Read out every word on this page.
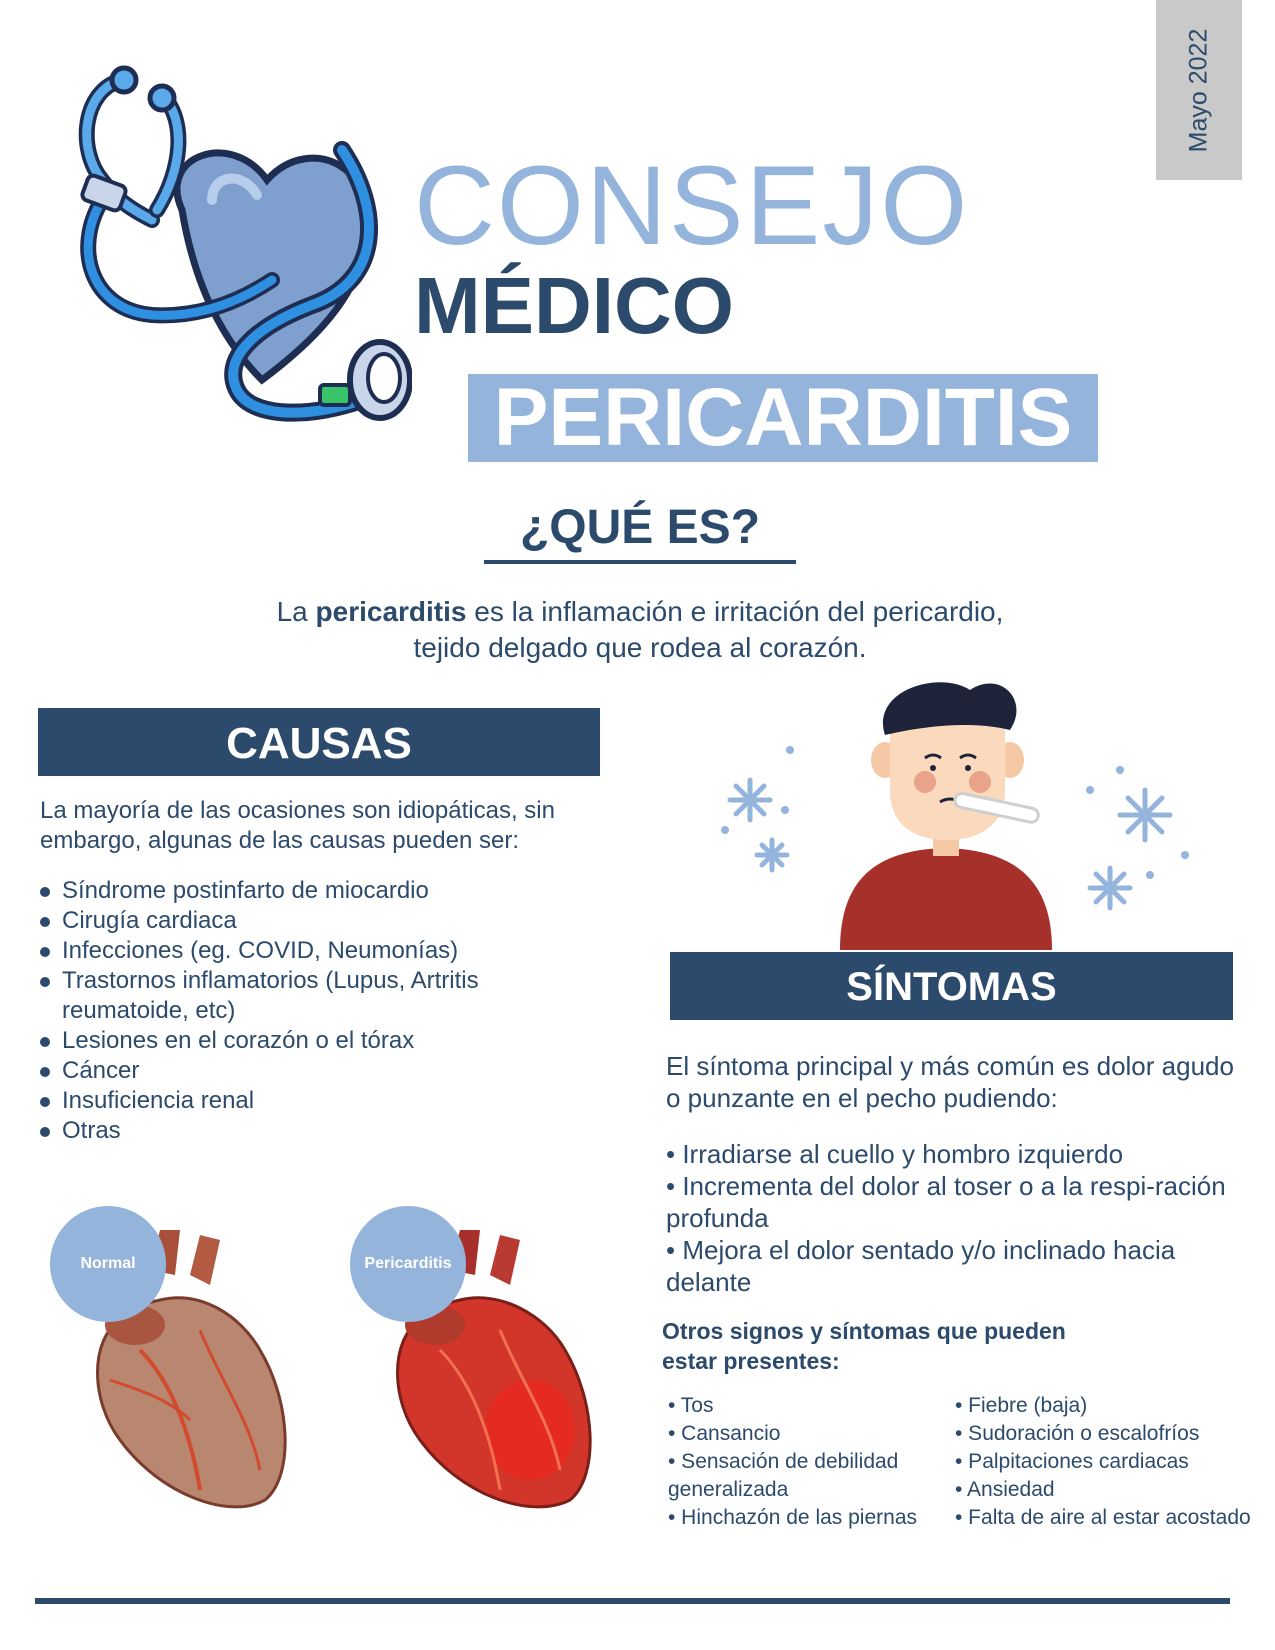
Mayo 2022
CONSEJO
MÉDICO
PERICARDITIS
¿QUÉ ES?
La pericarditis es la inflamación e irritación del pericardio, tejido delgado que rodea al corazón.
CAUSAS
La mayoría de las ocasiones son idiopáticas, sin embargo, algunas de las causas pueden ser:
Síndrome postinfarto de miocardio
Cirugía cardiaca
Infecciones (eg. COVID, Neumonías)
Trastornos inflamatorios (Lupus, Artritis reumatoide, etc)
Lesiones en el corazón o el tórax
Cáncer
Insuficiencia renal
Otras
Normal	Pericarditis
SÍNTOMAS
El síntoma principal y más común es dolor agudo o punzante en el pecho pudiendo:
• Irradiarse al cuello y hombro izquierdo
• Incrementa del dolor al toser o a la respi-ración profunda
• Mejora el dolor sentado y/o inclinado hacia delante
Otros signos y síntomas que pueden estar presentes:
• Tos
• Cansancio
• Sensación de debilidad generalizada
• Hinchazón de las piernas
• Fiebre (baja)
• Sudoración o escalofríos
• Palpitaciones cardiacas
• Ansiedad
• Falta de aire al estar acostado
